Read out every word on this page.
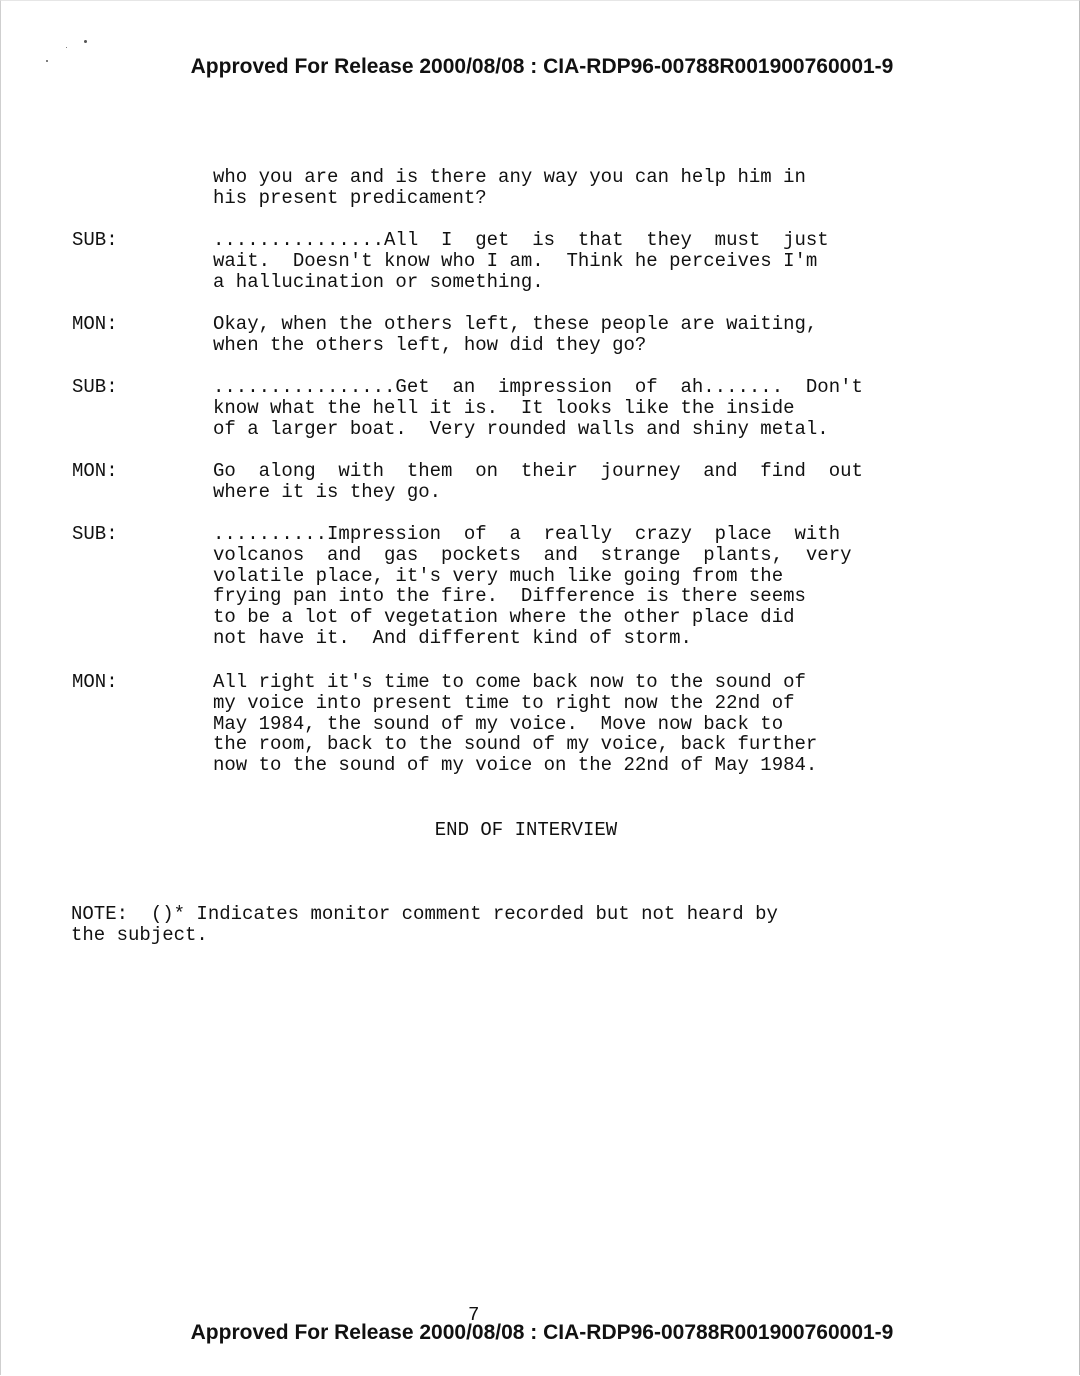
Approved For Release 2000/08/08 : CIA-RDP96-00788R001900760001-9
who you are and is there any way you can help him in
his present predicament?
SUB:	...............All  I  get  is  that  they  must  just
wait.  Doesn't know who I am.  Think he perceives I'm
a hallucination or something.
MON:	Okay, when the others left, these people are waiting,
when the others left, how did they go?
SUB:	................Get  an  impression  of  ah.......  Don't
know what the hell it is.  It looks like the inside
of a larger boat.  Very rounded walls and shiny metal.
MON:	Go  along  with  them  on  their  journey  and  find  out
where it is they go.
SUB:	..........Impression  of  a  really  crazy  place  with
volcanos  and  gas  pockets  and  strange  plants,  very
volatile place, it's very much like going from the
frying pan into the fire.  Difference is there seems
to be a lot of vegetation where the other place did
not have it.  And different kind of storm.
MON:	All right it's time to come back now to the sound of
my voice into present time to right now the 22nd of
May 1984, the sound of my voice.  Move now back to
the room, back to the sound of my voice, back further
now to the sound of my voice on the 22nd of May 1984.
END OF INTERVIEW
NOTE:  ()* Indicates monitor comment recorded but not heard by
the subject.
7
Approved For Release 2000/08/08 : CIA-RDP96-00788R001900760001-9
